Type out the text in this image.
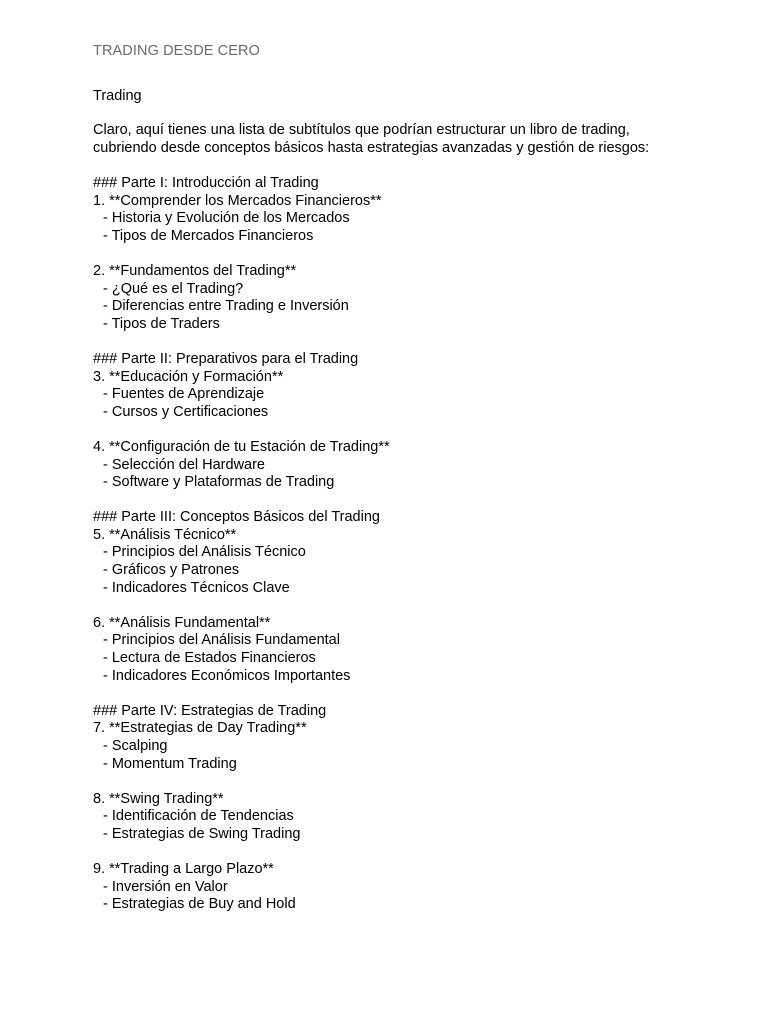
TRADING DESDE CERO
Trading
Claro, aquí tienes una lista de subtítulos que podrían estructurar un libro de trading,
cubriendo desde conceptos básicos hasta estrategias avanzadas y gestión de riesgos:
### Parte I: Introducción al Trading
1. **Comprender los Mercados Financieros**
- Historia y Evolución de los Mercados
- Tipos de Mercados Financieros
2. **Fundamentos del Trading**
- ¿Qué es el Trading?
- Diferencias entre Trading e Inversión
- Tipos de Traders
### Parte II: Preparativos para el Trading
3. **Educación y Formación**
- Fuentes de Aprendizaje
- Cursos y Certificaciones
4. **Configuración de tu Estación de Trading**
- Selección del Hardware
- Software y Plataformas de Trading
### Parte III: Conceptos Básicos del Trading
5. **Análisis Técnico**
- Principios del Análisis Técnico
- Gráficos y Patrones
- Indicadores Técnicos Clave
6. **Análisis Fundamental**
- Principios del Análisis Fundamental
- Lectura de Estados Financieros
- Indicadores Económicos Importantes
### Parte IV: Estrategias de Trading
7. **Estrategias de Day Trading**
- Scalping
- Momentum Trading
8. **Swing Trading**
- Identificación de Tendencias
- Estrategias de Swing Trading
9. **Trading a Largo Plazo**
- Inversión en Valor
- Estrategias de Buy and Hold
